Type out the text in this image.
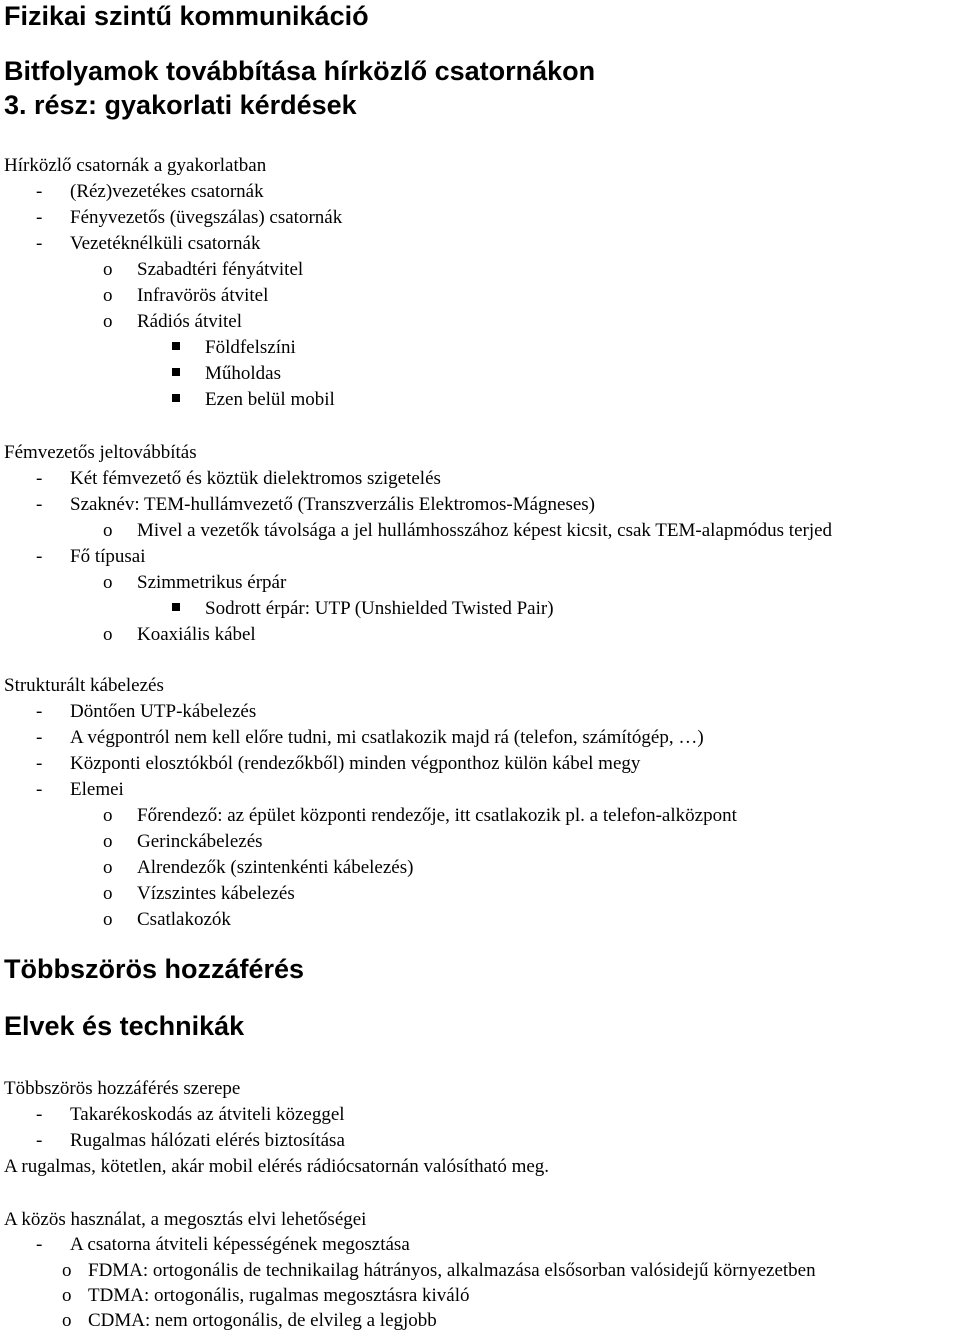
Fizikai szintű kommunikáció
Bitfolyamok továbbítása hírközlő csatornákon
3. rész: gyakorlati kérdések
Hírközlő csatornák a gyakorlatban
- (Réz)vezetékes csatornák
- Fényvezetős (üvegszálas) csatornák
- Vezetéknélküli csatornák
o Szabadtéri fényátvitel
o Infravörös átvitel
o Rádiós átvitel
Földfelszíni
Műholdas
Ezen belül mobil
Fémvezetős jeltovábbítás
- Két fémvezető és köztük dielektromos szigetelés
- Szaknév: TEM-hullámvezető (Transzverzális Elektromos-Mágneses)
o Mivel a vezetők távolsága a jel hullámhosszához képest kicsit, csak TEM-alapmódus terjed
- Fő típusai
o Szimmetrikus érpár
Sodrott érpár: UTP (Unshielded Twisted Pair)
o Koaxiális kábel
Strukturált kábelezés
- Döntően UTP-kábelezés
- A végpontról nem kell előre tudni, mi csatlakozik majd rá (telefon, számítógép, …)
- Központi elosztókból (rendezőkből) minden végponthoz külön kábel megy
- Elemei
o Főrendező: az épület központi rendezője, itt csatlakozik pl. a telefon-alközpont
o Gerinckábelezés
o Alrendezők (szintenkénti kábelezés)
o Vízszintes kábelezés
o Csatlakozók
Többszörös hozzáférés
Elvek és technikák
Többszörös hozzáférés szerepe
- Takarékoskodás az átviteli közeggel
- Rugalmas hálózati elérés biztosítása
A rugalmas, kötetlen, akár mobil elérés rádiócsatornán valósítható meg.
A közös használat, a megosztás elvi lehetőségei
- A csatorna átviteli képességének megosztása
o FDMA: ortogonális de technikailag hátrányos, alkalmazása elsősorban valósidejű környezetben
o TDMA: ortogonális, rugalmas megosztásra kiváló
o CDMA: nem ortogonális, de elvileg a legjobb
